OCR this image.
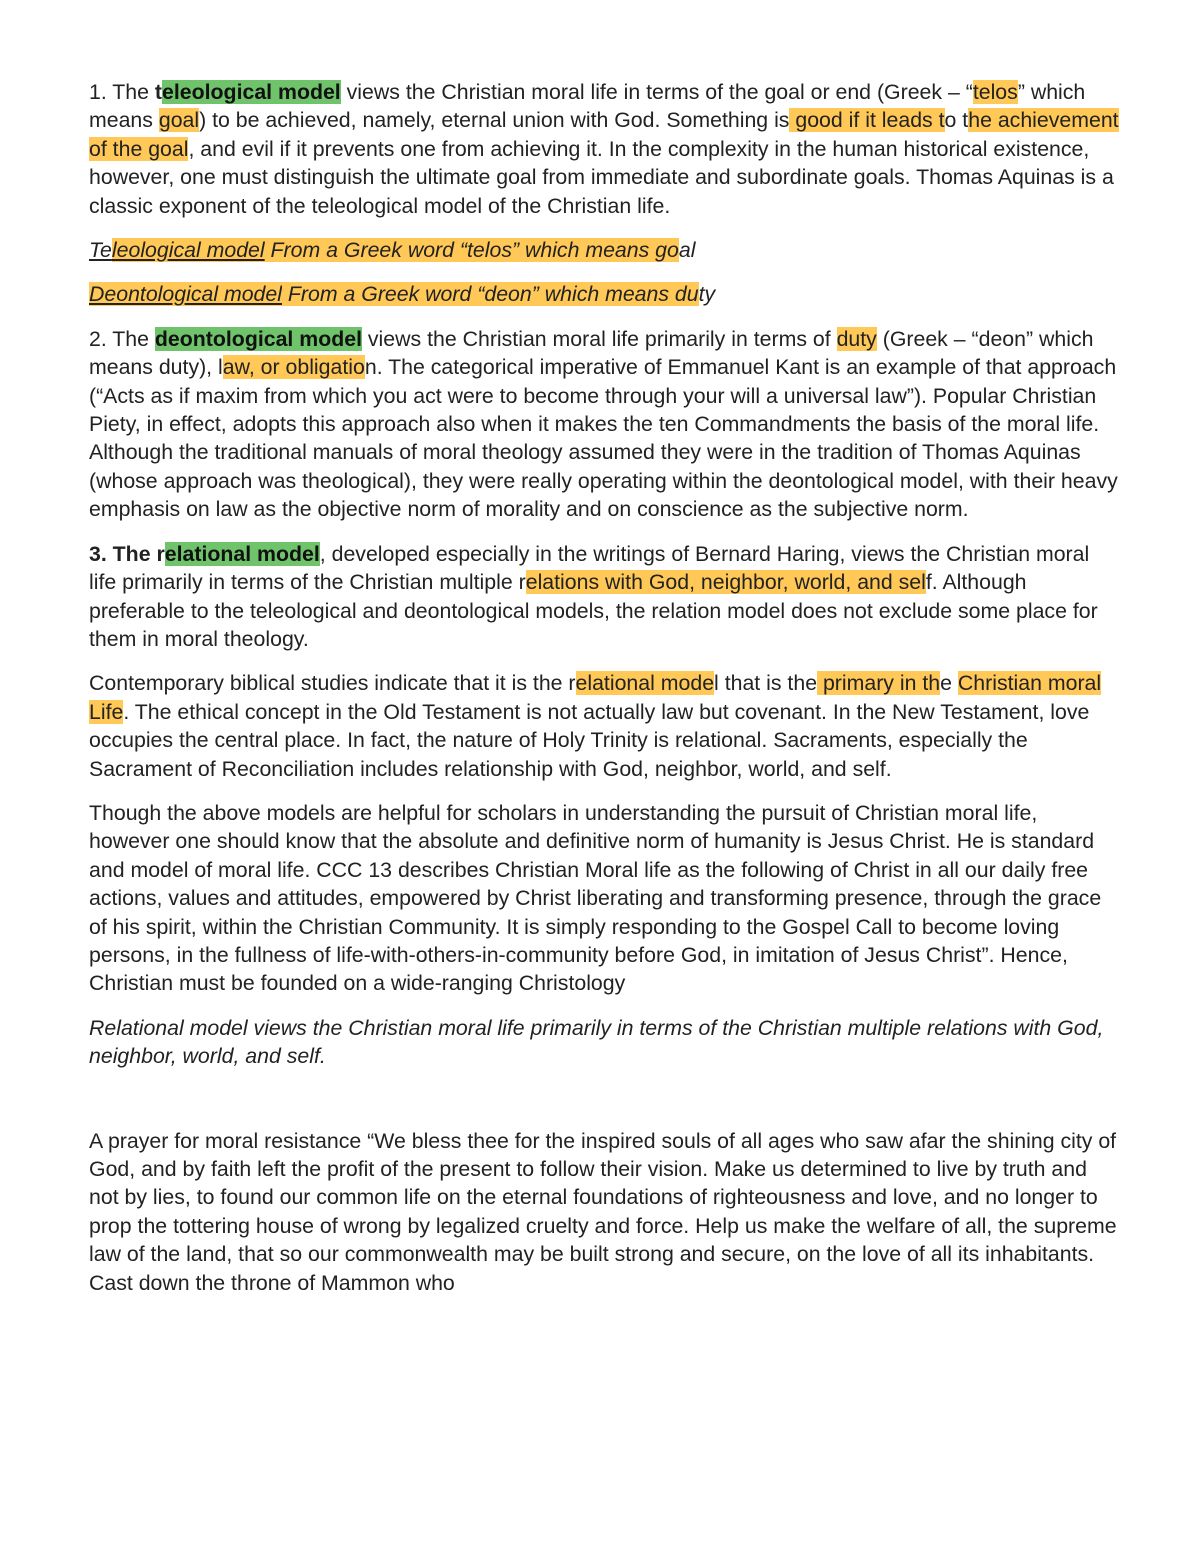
1. The teleological model views the Christian moral life in terms of the goal or end (Greek – “telos” which means goal) to be achieved, namely, eternal union with God. Something is good if it leads to the achievement of the goal, and evil if it prevents one from achieving it. In the complexity in the human historical existence, however, one must distinguish the ultimate goal from immediate and subordinate goals. Thomas Aquinas is a classic exponent of the teleological model of the Christian life.

Teleological model From a Greek word “telos” which means goal

Deontological model From a Greek word “deon” which means duty

2. The deontological model views the Christian moral life primarily in terms of duty (Greek – “deon” which means duty), law, or obligation. The categorical imperative of Emmanuel Kant is an example of that approach (“Acts as if maxim from which you act were to become through your will a universal law”). Popular Christian Piety, in effect, adopts this approach also when it makes the ten Commandments the basis of the moral life. Although the traditional manuals of moral theology assumed they were in the tradition of Thomas Aquinas (whose approach was theological), they were really operating within the deontological model, with their heavy emphasis on law as the objective norm of morality and on conscience as the subjective norm.

3. The relational model, developed especially in the writings of Bernard Haring, views the Christian moral life primarily in terms of the Christian multiple relations with God, neighbor, world, and self. Although preferable to the teleological and deontological models, the relation model does not exclude some place for them in moral theology.

Contemporary biblical studies indicate that it is the relational model that is the primary in the Christian moral Life. The ethical concept in the Old Testament is not actually law but covenant. In the New Testament, love occupies the central place. In fact, the nature of Holy Trinity is relational. Sacraments, especially the Sacrament of Reconciliation includes relationship with God, neighbor, world, and self.

Though the above models are helpful for scholars in understanding the pursuit of Christian moral life, however one should know that the absolute and definitive norm of humanity is Jesus Christ. He is standard and model of moral life. CCC 13 describes Christian Moral life as the following of Christ in all our daily free actions, values and attitudes, empowered by Christ liberating and transforming presence, through the grace of his spirit, within the Christian Community. It is simply responding to the Gospel Call to become loving persons, in the fullness of life-with-others-in-community before God, in imitation of Jesus Christ”. Hence, Christian must be founded on a wide-ranging Christology

Relational model views the Christian moral life primarily in terms of the Christian multiple relations with God, neighbor, world, and self.

A prayer for moral resistance “We bless thee for the inspired souls of all ages who saw afar the shining city of God, and by faith left the profit of the present to follow their vision. Make us determined to live by truth and not by lies, to found our common life on the eternal foundations of righteousness and love, and no longer to prop the tottering house of wrong by legalized cruelty and force. Help us make the welfare of all, the supreme law of the land, that so our commonwealth may be built strong and secure, on the love of all its inhabitants. Cast down the throne of Mammon who
